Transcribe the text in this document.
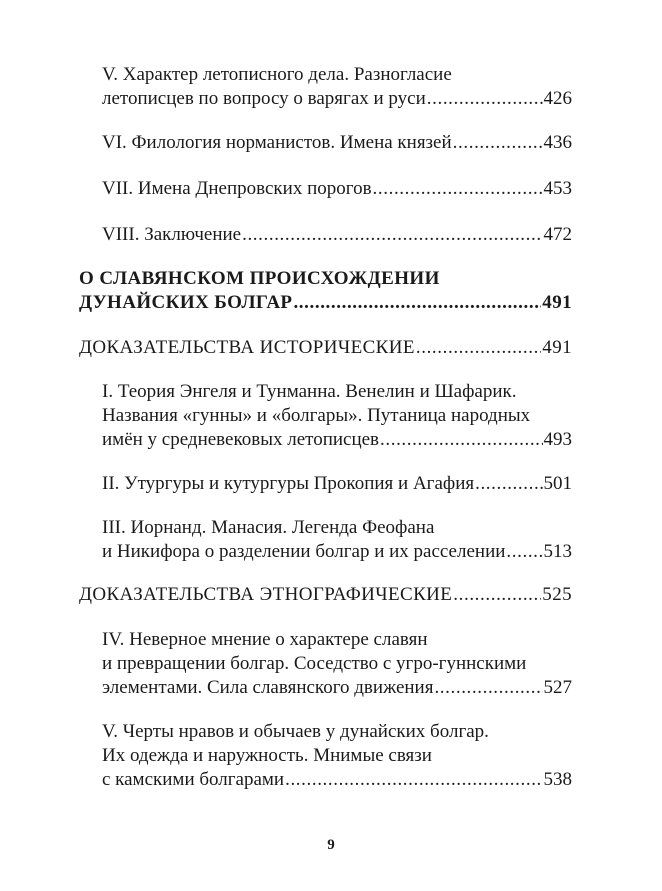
V. Характер летописного дела. Разногласие
летописцев по вопросу о варягах и руси .....	426
VI. Филология норманистов. Имена князей .....	436
VII. Имена Днепровских порогов .....	453
VIII. Заключение .....	472
О СЛАВЯНСКОМ ПРОИСХОЖДЕНИИ
ДУНАЙСКИХ БОЛГАР .....	491
ДОКАЗАТЕЛЬСТВА ИСТОРИЧЕСКИЕ .....	491
I. Теория Энгеля и Тунманна. Венелин и Шафарик.
Названия «гунны» и «болгары». Путаница народных
имён у средневековых летописцев .....	493
II. Утургуры и кутургуры Прокопия и Агафия .....	501
III. Иорнанд. Манасия. Легенда Феофана
и Никифора о разделении болгар и их расселении ..... 513
ДОКАЗАТЕЛЬСТВА ЭТНОГРАФИЧЕСКИЕ .....	525
IV. Неверное мнение о характере славян
и превращении болгар. Соседство с угро-гуннскими
элементами. Сила славянского движения .....	527
V. Черты нравов и обычаев у дунайских болгар.
Их одежда и наружность. Мнимые связи
с камскими болгарами .....	538
9
